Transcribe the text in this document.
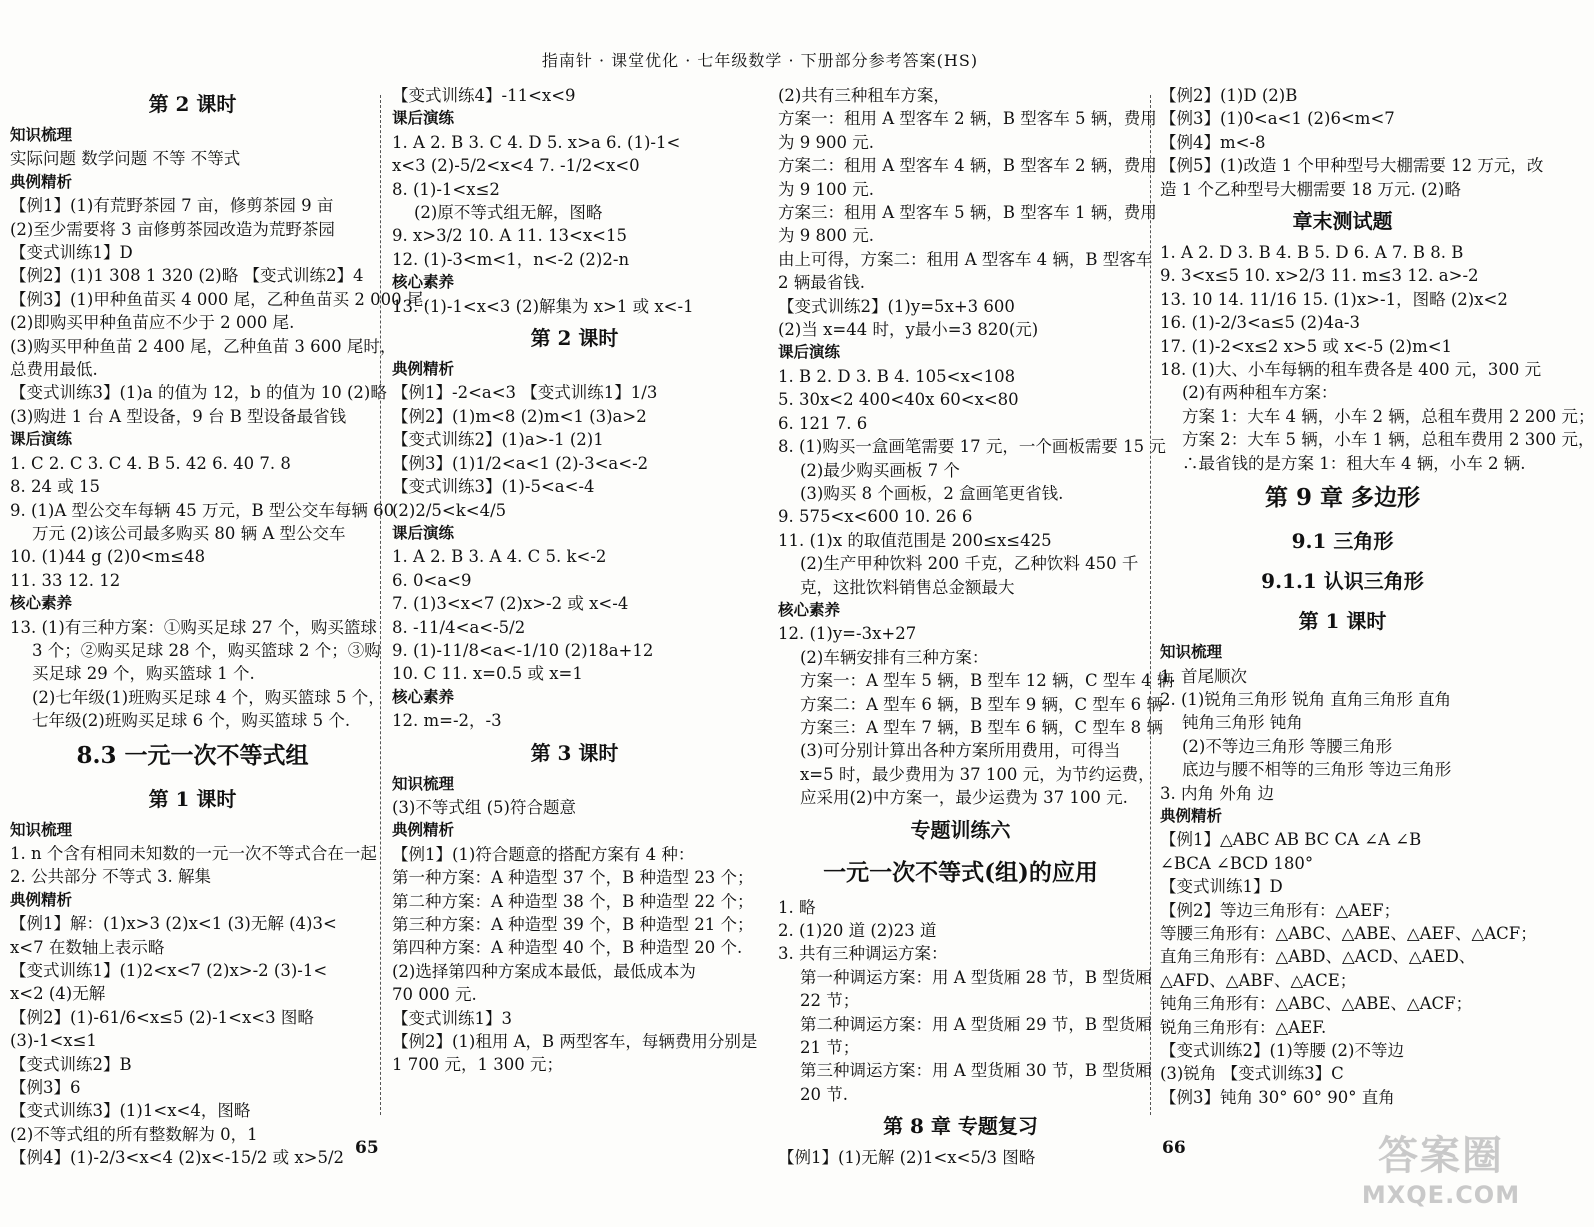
指南针 · 课堂优化 · 七年级数学 · 下册部分参考答案(HS)
第 2 课时
知识梳理
实际问题 数学问题 不等 不等式
典例精析
【例1】(1)有荒野茶园 7 亩，修剪茶园 9 亩
(2)至少需要将 3 亩修剪茶园改造为荒野茶园
【变式训练1】D
【例2】(1)1 308 1 320 (2)略 【变式训练2】4
【例3】(1)甲种鱼苗买 4 000 尾，乙种鱼苗买 2 000 尾.
(2)即购买甲种鱼苗应不少于 2 000 尾.
(3)购买甲种鱼苗 2 400 尾，乙种鱼苗 3 600 尾时，
总费用最低.
【变式训练3】(1)a 的值为 12，b 的值为 10 (2)略
(3)购进 1 台 A 型设备，9 台 B 型设备最省钱
课后演练
1. C 2. C 3. C 4. B 5. 42 6. 40 7. 8
8. 24 或 15
9. (1)A 型公交车每辆 45 万元，B 型公交车每辆 60
万元 (2)该公司最多购买 80 辆 A 型公交车
10. (1)44 g (2)0<m≤48
11. 33 12. 12
核心素养
13. (1)有三种方案：①购买足球 27 个，购买篮球
3 个；②购买足球 28 个，购买篮球 2 个；③购
买足球 29 个，购买篮球 1 个.
(2)七年级(1)班购买足球 4 个，购买篮球 5 个，
七年级(2)班购买足球 6 个，购买篮球 5 个.
8.3 一元一次不等式组
第 1 课时
知识梳理
1. n 个含有相同未知数的一元一次不等式合在一起
2. 公共部分 不等式 3. 解集
典例精析
【例1】解：(1)x>3 (2)x<1 (3)无解 (4)3<
x<7 在数轴上表示略
【变式训练1】(1)2<x<7 (2)x>-2 (3)-1<
x<2 (4)无解
【例2】(1)-61/6<x≤5 (2)-1<x<3 图略
(3)-1<x≤1
【变式训练2】B
【例3】6
【变式训练3】(1)1<x<4，图略
(2)不等式组的所有整数解为 0，1
【例4】(1)-2/3<x<4 (2)x<-15/2 或 x>5/2
【变式训练4】-11<x<9
课后演练
1. A 2. B 3. C 4. D 5. x>a 6. (1)-1<
x<3 (2)-5/2<x<4 7. -1/2<x<0
8. (1)-1<x≤2
(2)原不等式组无解，图略
9. x>3/2 10. A 11. 13<x<15
12. (1)-3<m<1，n<-2 (2)2-n
核心素养
13. (1)-1<x<3 (2)解集为 x>1 或 x<-1
第 2 课时
典例精析
【例1】-2<a<3 【变式训练1】1/3
【例2】(1)m<8 (2)m<1 (3)a>2
【变式训练2】(1)a>-1 (2)1
【例3】(1)1/2<a<1 (2)-3<a<-2
【变式训练3】(1)-5<a<-4
(2)2/5<k<4/5
课后演练
1. A 2. B 3. A 4. C 5. k<-2
6. 0<a<9
7. (1)3<x<7 (2)x>-2 或 x<-4
8. -11/4<a<-5/2
9. (1)-11/8<a<-1/10 (2)18a+12
10. C 11. x=0.5 或 x=1
核心素养
12. m=-2，-3
第 3 课时
知识梳理
(3)不等式组 (5)符合题意
典例精析
【例1】(1)符合题意的搭配方案有 4 种：
第一种方案：A 种造型 37 个，B 种造型 23 个；
第二种方案：A 种造型 38 个，B 种造型 22 个；
第三种方案：A 种造型 39 个，B 种造型 21 个；
第四种方案：A 种造型 40 个，B 种造型 20 个.
(2)选择第四种方案成本最低，最低成本为
70 000 元.
【变式训练1】3
【例2】(1)租用 A，B 两型客车，每辆费用分别是
1 700 元，1 300 元；
(2)共有三种租车方案，
方案一：租用 A 型客车 2 辆，B 型客车 5 辆，费用
为 9 900 元.
方案二：租用 A 型客车 4 辆，B 型客车 2 辆，费用
为 9 100 元.
方案三：租用 A 型客车 5 辆，B 型客车 1 辆，费用
为 9 800 元.
由上可得，方案二：租用 A 型客车 4 辆，B 型客车
2 辆最省钱.
【变式训练2】(1)y=5x+3 600
(2)当 x=44 时，y最小=3 820(元)
课后演练
1. B 2. D 3. B 4. 105<x<108
5. 30x<2 400<40x 60<x<80
6. 121 7. 6
8. (1)购买一盒画笔需要 17 元，一个画板需要 15 元
(2)最少购买画板 7 个
(3)购买 8 个画板，2 盒画笔更省钱.
9. 575<x<600 10. 26 6
11. (1)x 的取值范围是 200≤x≤425
(2)生产甲种饮料 200 千克，乙种饮料 450 千
克，这批饮料销售总金额最大
核心素养
12. (1)y=-3x+27
(2)车辆安排有三种方案：
方案一：A 型车 5 辆，B 型车 12 辆，C 型车 4 辆
方案二：A 型车 6 辆，B 型车 9 辆，C 型车 6 辆
方案三：A 型车 7 辆，B 型车 6 辆，C 型车 8 辆
(3)可分别计算出各种方案所用费用，可得当
x=5 时，最少费用为 37 100 元，为节约运费，
应采用(2)中方案一，最少运费为 37 100 元.
专题训练六
一元一次不等式(组)的应用
1. 略
2. (1)20 道 (2)23 道
3. 共有三种调运方案：
第一种调运方案：用 A 型货厢 28 节，B 型货厢
22 节；
第二种调运方案：用 A 型货厢 29 节，B 型货厢
21 节；
第三种调运方案：用 A 型货厢 30 节，B 型货厢
20 节.
第 8 章 专题复习
【例1】(1)无解 (2)1<x<5/3 图略
【例2】(1)D (2)B
【例3】(1)0<a<1 (2)6<m<7
【例4】m<-8
【例5】(1)改造 1 个甲种型号大棚需要 12 万元，改
造 1 个乙种型号大棚需要 18 万元. (2)略
章末测试题
1. A 2. D 3. B 4. B 5. D 6. A 7. B 8. B
9. 3<x≤5 10. x>2/3 11. m≤3 12. a>-2
13. 10 14. 11/16 15. (1)x>-1，图略 (2)x<2
16. (1)-2/3<a≤5 (2)4a-3
17. (1)-2<x≤2 x>5 或 x<-5 (2)m<1
18. (1)大、小车每辆的租车费各是 400 元，300 元
(2)有两种租车方案：
方案 1：大车 4 辆，小车 2 辆，总租车费用 2 200 元；
方案 2：大车 5 辆，小车 1 辆，总租车费用 2 300 元，
∴最省钱的是方案 1：租大车 4 辆，小车 2 辆.
第 9 章 多边形
9.1 三角形
9.1.1 认识三角形
第 1 课时
知识梳理
1. 首尾顺次
2. (1)锐角三角形 锐角 直角三角形 直角
钝角三角形 钝角
(2)不等边三角形 等腰三角形
底边与腰不相等的三角形 等边三角形
3. 内角 外角 边
典例精析
【例1】△ABC AB BC CA ∠A ∠B
∠BCA ∠BCD 180°
【变式训练1】D
【例2】等边三角形有：△AEF；
等腰三角形有：△ABC、△ABE、△AEF、△ACF；
直角三角形有：△ABD、△ACD、△AED、
△AFD、△ABF、△ACE；
钝角三角形有：△ABC、△ABE、△ACF；
锐角三角形有：△AEF.
【变式训练2】(1)等腰 (2)不等边
(3)锐角 【变式训练3】C
【例3】钝角 30° 60° 90° 直角
65	66	答案圈
MXQE.COM
